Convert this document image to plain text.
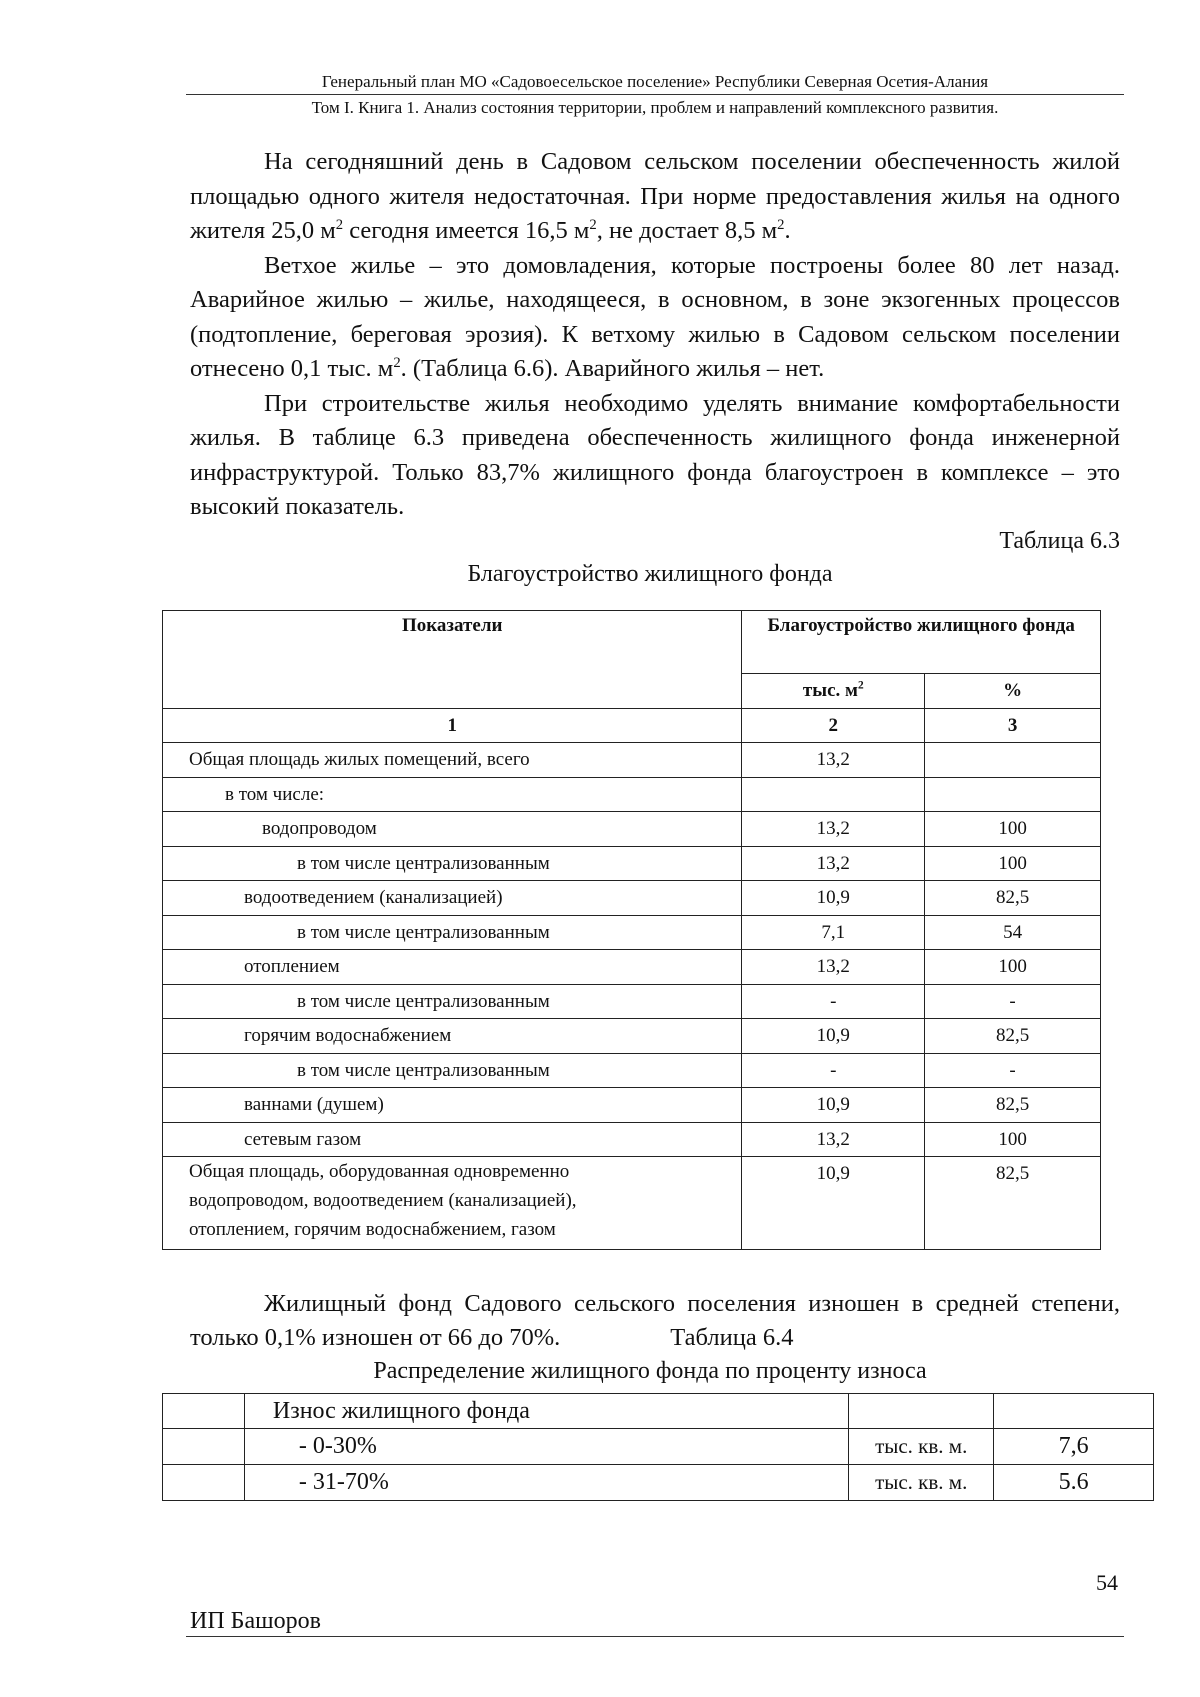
Генеральный план МО «Садовоесельское поселение» Республики Северная Осетия-Алания
Том I. Книга 1. Анализ состояния территории, проблем и направлений комплексного развития.

На сегодняшний день в Садовом сельском поселении обеспеченность жилой площадью одного жителя недостаточная. При норме предоставления жилья на одного жителя 25,0 $м^2$ сегодня имеется 16,5 $м^2$, не достает 8,5 $м^2$.

Ветхое жилье – это домовладения, которые построены более 80 лет назад. Аварийное жилью – жилье, находящееся, в основном, в зоне экзогенных процессов (подтопление, береговая эрозия). К ветхому жилью в Садовом сельском поселении отнесено 0,1 тыс. $м^2$. (Таблица 6.6). Аварийного жилья – нет.

При строительстве жилья необходимо уделять внимание комфортабельности жилья. В таблице 6.3 приведена обеспеченность жилищного фонда инженерной инфраструктурой. Только 83,7% жилищного фонда благоустроен в комплексе – это высокий показатель.

Таблица 6.3
Благоустройство жилищного фонда
Показатели	Благоустройство жилищного фонда	
	тыс. $м^2$	%
1	2	3
Общая площадь жилых помещений, всего	13,2	
в том числе:		
водопроводом	13,2	100
в том числе централизованным	13,2	100
водоотведением (канализацией)	10,9	82,5
в том числе централизованным	7,1	54
отоплением	13,2	100
в том числе централизованным	-	-
горячим водоснабжением	10,9	82,5
в том числе централизованным	-	-
ваннами (душем)	10,9	82,5
сетевым газом	13,2	100
Общая площадь, оборудованная одновременно водопроводом, водоотведением (канализацией), отоплением, горячим водоснабжением, газом	10,9	82,5

Жилищный фонд Садового сельского поселения изношен в средней степени, только 0,1% изношен от 66 до 70%.	Таблица 6.4

Распределение жилищного фонда по проценту износа
	Износ жилищного фонда		
	- 0-30%	тыс. кв. м.	7,6
	- 31-70%	тыс. кв. м.	5.6
54
ИП Башоров
